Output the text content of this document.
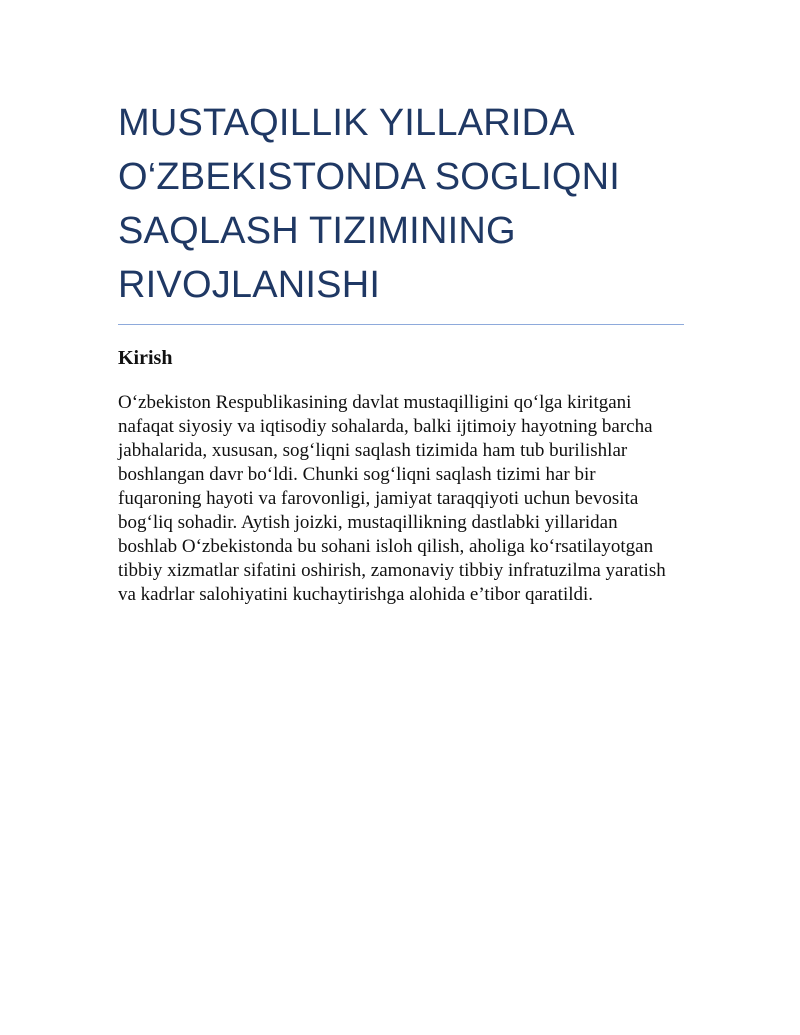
MUSTAQILLIK YILLARIDA O‘ZBEKISTONDA SOGLIQNI SAQLASH TIZIMINING RIVOJLANISHI
Kirish

O‘zbekiston Respublikasining davlat mustaqilligini qo‘lga kiritgani nafaqat siyosiy va iqtisodiy sohalarda, balki ijtimoiy hayotning barcha jabhalarida, xususan, sog‘liqni saqlash tizimida ham tub burilishlar boshlangan davr bo‘ldi. Chunki sog‘liqni saqlash tizimi har bir fuqaroning hayoti va farovonligi, jamiyat taraqqiyoti uchun bevosita bog‘liq sohadir. Aytish joizki, mustaqillikning dastlabki yillaridan boshlab O‘zbekistonda bu sohani isloh qilish, aholiga ko‘rsatilayotgan tibbiy xizmatlar sifatini oshirish, zamonaviy tibbiy infratuzilma yaratish va kadrlar salohiyatini kuchaytirishga alohida e’tibor qaratildi.
